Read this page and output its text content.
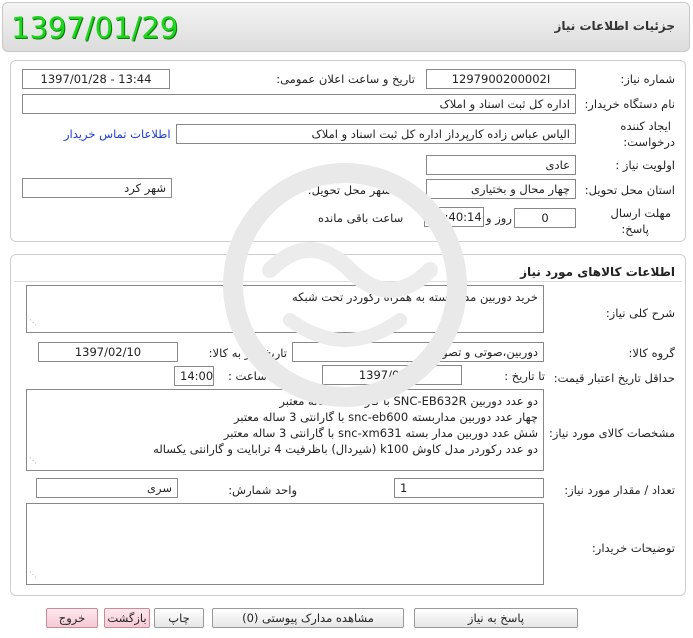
1397/01/29	جزئیات اطلاعات نیاز
شماره نیاز:
1297900200002I
تاریخ و ساعت اعلان عمومی:
1397/01/28 - 13:44
نام دستگاه خریدار:
اداره کل ثبت اسناد و املاک
ایجاد کننده
درخواست:
الیاس عباس زاده کارپرداز اداره کل ثبت اسناد و املاک
اطلاعات تماس خریدار
اولویت نیاز :
عادی
استان محل تحویل:
چهار محال و بختیاری
شهر محل تحویل:
شهر کرد
مهلت ارسال
پاسخ:
0
روز و
00:40:14
ساعت باقی مانده
اطلاعات کالاهای مورد نیاز
شرح کلی نیاز:
خرید دوربین مدار بسته به همراه رکوردر تحت شبکه
⋰
گروه کالا:
دوربین،صوتی و تصویر
تاریخ نیاز به کالا:
1397/02/10
حداقل تاریخ اعتبار قیمت:
تا تاریخ :
1397/02/10
ساعت :
14:00
مشخصات کالای مورد نیاز:
دو عدد دوربین SNC-EB632R با گارانتی 3 ساله معتبر
چهار عدد دوربین مداربسته snc-eb600 با گارانتی 3 ساله معتبر
شش عدد دوربین مدار بسته snc-xm631 با گارانتی 3 ساله معتبر
دو عدد رکوردر مدل کاوش k100 (شیردال) باظرفیت 4 ترابایت و گارانتی یکساله
⋰
تعداد / مقدار مورد نیاز:
1
واحد شمارش:
سری
توضیحات خریدار:
⋰
پاسخ به نیاز
مشاهده مدارک پیوستی (0)
چاپ
بازگشت
خروج
